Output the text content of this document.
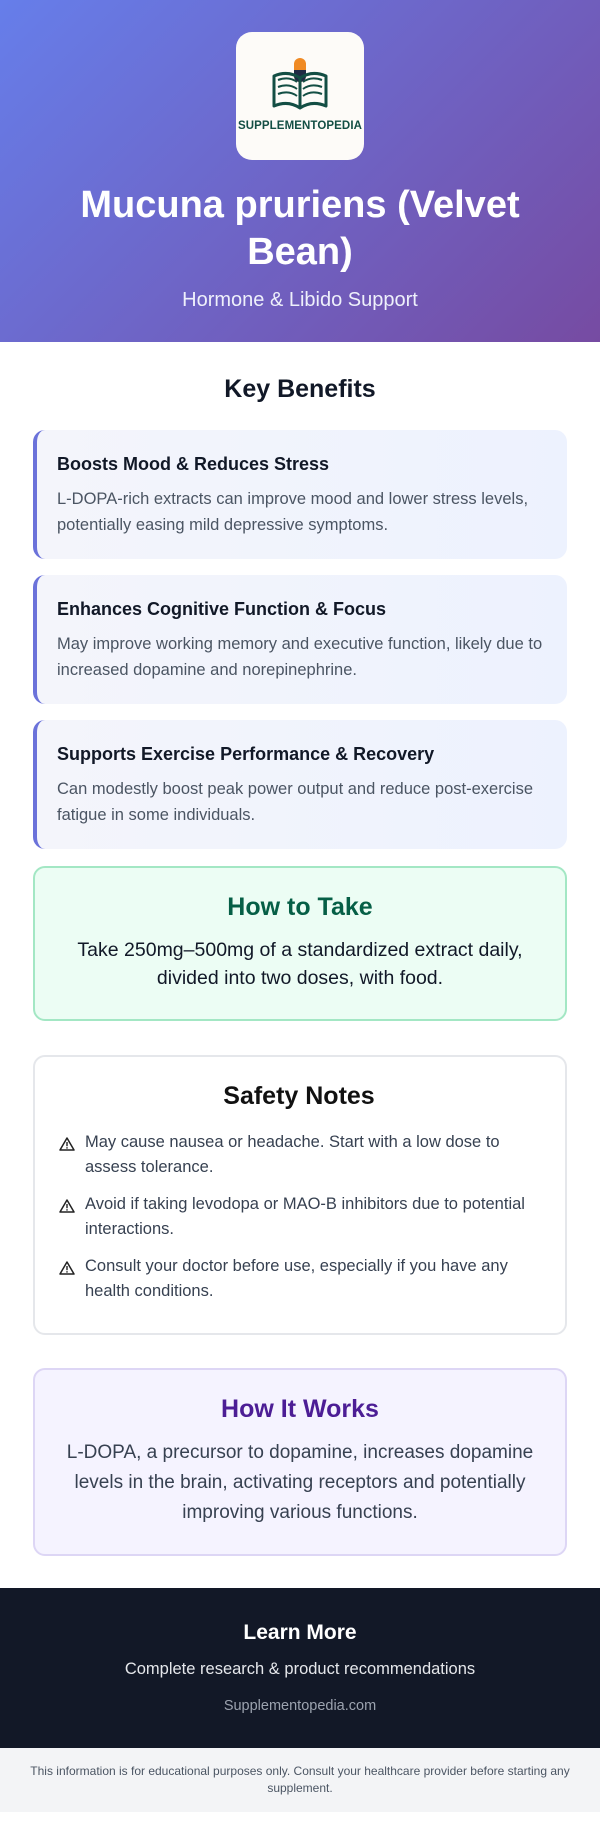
SUPPLEMENTOPEDIA
Mucuna pruriens (Velvet Bean)
Hormone & Libido Support
Key Benefits
Boosts Mood & Reduces Stress
L-DOPA-rich extracts can improve mood and lower stress levels, potentially easing mild depressive symptoms.
Enhances Cognitive Function & Focus
May improve working memory and executive function, likely due to increased dopamine and norepinephrine.
Supports Exercise Performance & Recovery
Can modestly boost peak power output and reduce post-exercise fatigue in some individuals.
How to Take

Take 250mg–500mg of a standardized extract daily, divided into two doses, with food.

Safety Notes
May cause nausea or headache. Start with a low dose to assess tolerance.
Avoid if taking levodopa or MAO-B inhibitors due to potential interactions.
Consult your doctor before use, especially if you have any health conditions.
How It Works

L-DOPA, a precursor to dopamine, increases dopamine levels in the brain, activating receptors and potentially improving various functions.

Learn More
Complete research & product recommendations
Supplementopedia.com
This information is for educational purposes only. Consult your healthcare provider before starting any supplement.
